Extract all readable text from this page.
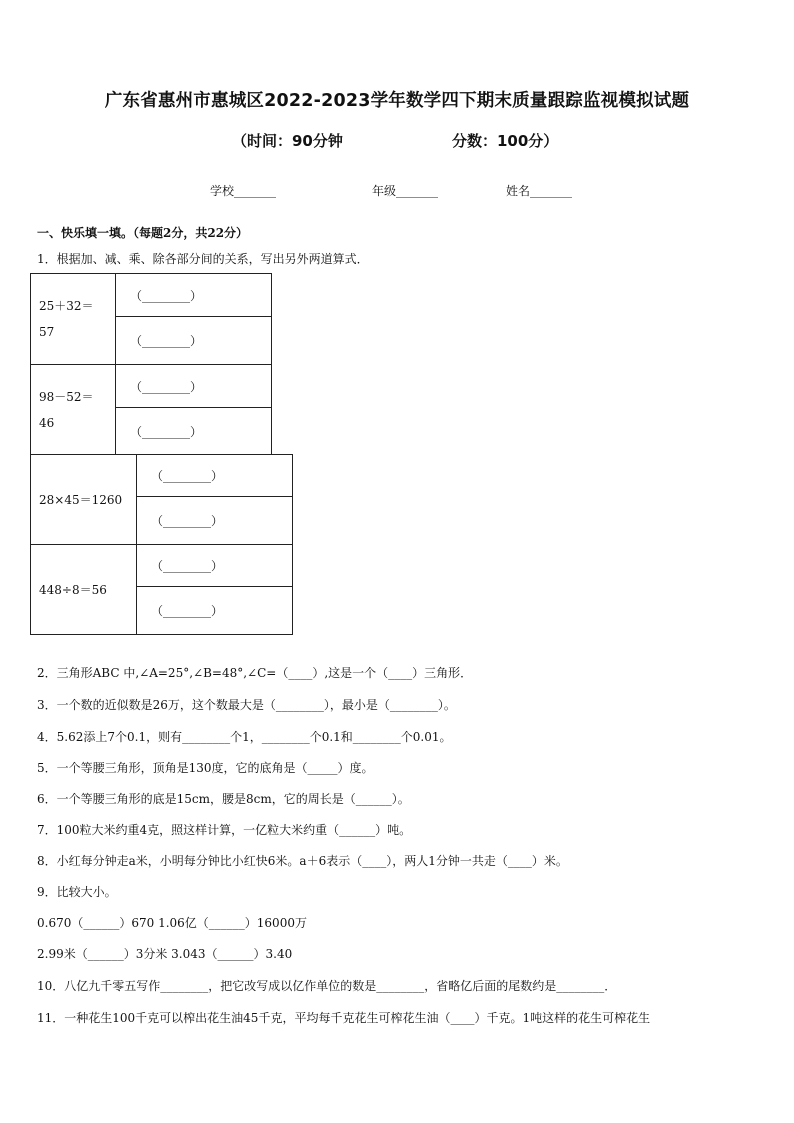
广东省惠州市惠城区2022-2023学年数学四下期末质量跟踪监视模拟试题
（时间：90分钟	分数：100分）
学校_______	年级_______	姓名_______
一、快乐填一填。（每题2分，共22分）
1．根据加、减、乘、除各部分间的关系，写出另外两道算式．
25＋32＝
57	（________）
	（________）
98－52＝
46	（________）
	（________）
28×45＝1260	（________）
	（________）
448÷8＝56	（________）
	（________）
2．三角形ABC 中,∠A=25°,∠B=48°,∠C=（____）,这是一个（____）三角形．
3．一个数的近似数是26万，这个数最大是（________），最小是（________）。
4．5.62添上7个0.1，则有________个1，________个0.1和________个0.01。
5．一个等腰三角形，顶角是130度，它的底角是（_____）度。
6．一个等腰三角形的底是15cm，腰是8cm，它的周长是（______）。
7．100粒大米约重4克，照这样计算，一亿粒大米约重（______）吨。
8．小红每分钟走a米，小明每分钟比小红快6米。a＋6表示（____），两人1分钟一共走（____）米。
9．比较大小。
0.670（______）670 1.06亿（______）16000万
2.99米（______）3分米 3.043（______）3.40
10．八亿九千零五写作________，把它改写成以亿作单位的数是________，省略亿后面的尾数约是________．
11．一种花生100千克可以榨出花生油45千克，平均每千克花生可榨花生油（____）千克。1吨这样的花生可榨花生
